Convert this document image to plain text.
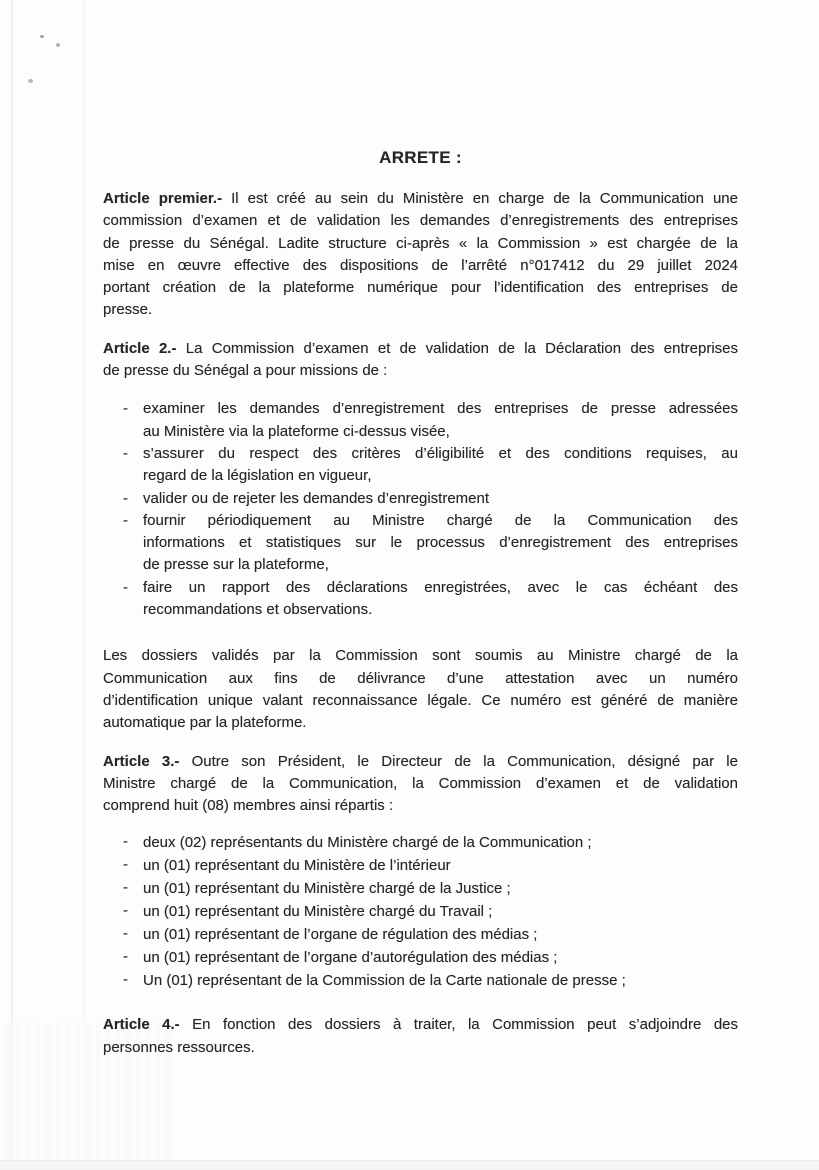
ARRETE :
Article premier.- Il est créé au sein du Ministère en charge de la Communication une
commission d’examen et de validation les demandes d’enregistrements des entreprises
de presse du Sénégal. Ladite structure ci-après « la Commission » est chargée de la
mise en œuvre effective des dispositions de l’arrêté n°017412 du 29 juillet 2024
portant création de la plateforme numérique pour l’identification des entreprises de
presse.
Article 2.- La Commission d’examen et de validation de la Déclaration des entreprises
de presse du Sénégal a pour missions de :
- examiner les demandes d’enregistrement des entreprises de presse adressées
au Ministère via la plateforme ci-dessus visée,
- s’assurer du respect des critères d’éligibilité et des conditions requises, au
regard de la législation en vigueur,
- valider ou de rejeter les demandes d’enregistrement
- fournir périodiquement au Ministre chargé de la Communication des
informations et statistiques sur le processus d’enregistrement des entreprises
de presse sur la plateforme,
- faire un rapport des déclarations enregistrées, avec le cas échéant des
recommandations et observations.
Les dossiers validés par la Commission sont soumis au Ministre chargé de la
Communication aux fins de délivrance d’une attestation avec un numéro
d’identification unique valant reconnaissance légale. Ce numéro est généré de manière
automatique par la plateforme.
Article 3.- Outre son Président, le Directeur de la Communication, désigné par le
Ministre chargé de la Communication, la Commission d’examen et de validation
comprend huit (08) membres ainsi répartis :
- deux (02) représentants du Ministère chargé de la Communication ;
- un (01) représentant du Ministère de l’intérieur
- un (01) représentant du Ministère chargé de la Justice ;
- un (01) représentant du Ministère chargé du Travail ;
- un (01) représentant de l’organe de régulation des médias ;
- un (01) représentant de l’organe d’autorégulation des médias ;
- Un (01) représentant de la Commission de la Carte nationale de presse ;
Article 4.- En fonction des dossiers à traiter, la Commission peut s’adjoindre des
personnes ressources.
